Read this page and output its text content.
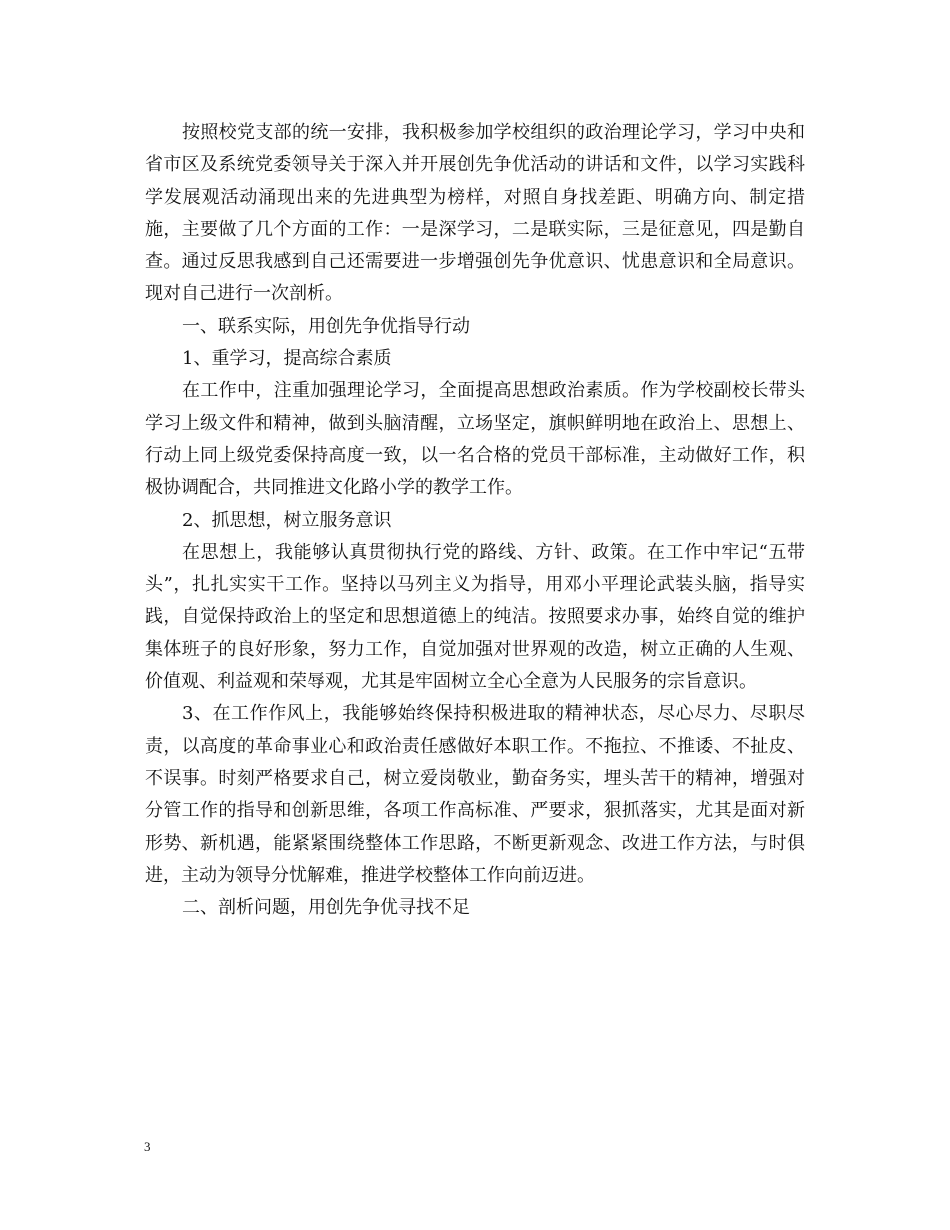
按照校党支部的统一安排，我积极参加学校组织的政治理论学习，学习中央和省市区及系统党委领导关于深入并开展创先争优活动的讲话和文件，以学习实践科学发展观活动涌现出来的先进典型为榜样，对照自身找差距、明确方向、制定措施，主要做了几个方面的工作：一是深学习，二是联实际，三是征意见，四是勤自查。通过反思我感到自己还需要进一步增强创先争优意识、忧患意识和全局意识。现对自己进行一次剖析。

一、联系实际，用创先争优指导行动

1、重学习，提高综合素质

在工作中，注重加强理论学习，全面提高思想政治素质。作为学校副校长带头学习上级文件和精神，做到头脑清醒，立场坚定，旗帜鲜明地在政治上、思想上、行动上同上级党委保持高度一致，以一名合格的党员干部标准，主动做好工作，积极协调配合，共同推进文化路小学的教学工作。

2、抓思想，树立服务意识

在思想上，我能够认真贯彻执行党的路线、方针、政策。在工作中牢记“五带头”，扎扎实实干工作。坚持以马列主义为指导，用邓小平理论武装头脑，指导实践，自觉保持政治上的坚定和思想道德上的纯洁。按照要求办事，始终自觉的维护集体班子的良好形象，努力工作，自觉加强对世界观的改造，树立正确的人生观、价值观、利益观和荣辱观，尤其是牢固树立全心全意为人民服务的宗旨意识。

3、在工作作风上，我能够始终保持积极进取的精神状态，尽心尽力、尽职尽责，以高度的革命事业心和政治责任感做好本职工作。不拖拉、不推诿、不扯皮、不误事。时刻严格要求自己，树立爱岗敬业，勤奋务实，埋头苦干的精神，增强对分管工作的指导和创新思维，各项工作高标准、严要求，狠抓落实，尤其是面对新形势、新机遇，能紧紧围绕整体工作思路，不断更新观念、改进工作方法，与时俱进，主动为领导分忧解难，推进学校整体工作向前迈进。

二、剖析问题，用创先争优寻找不足

3
